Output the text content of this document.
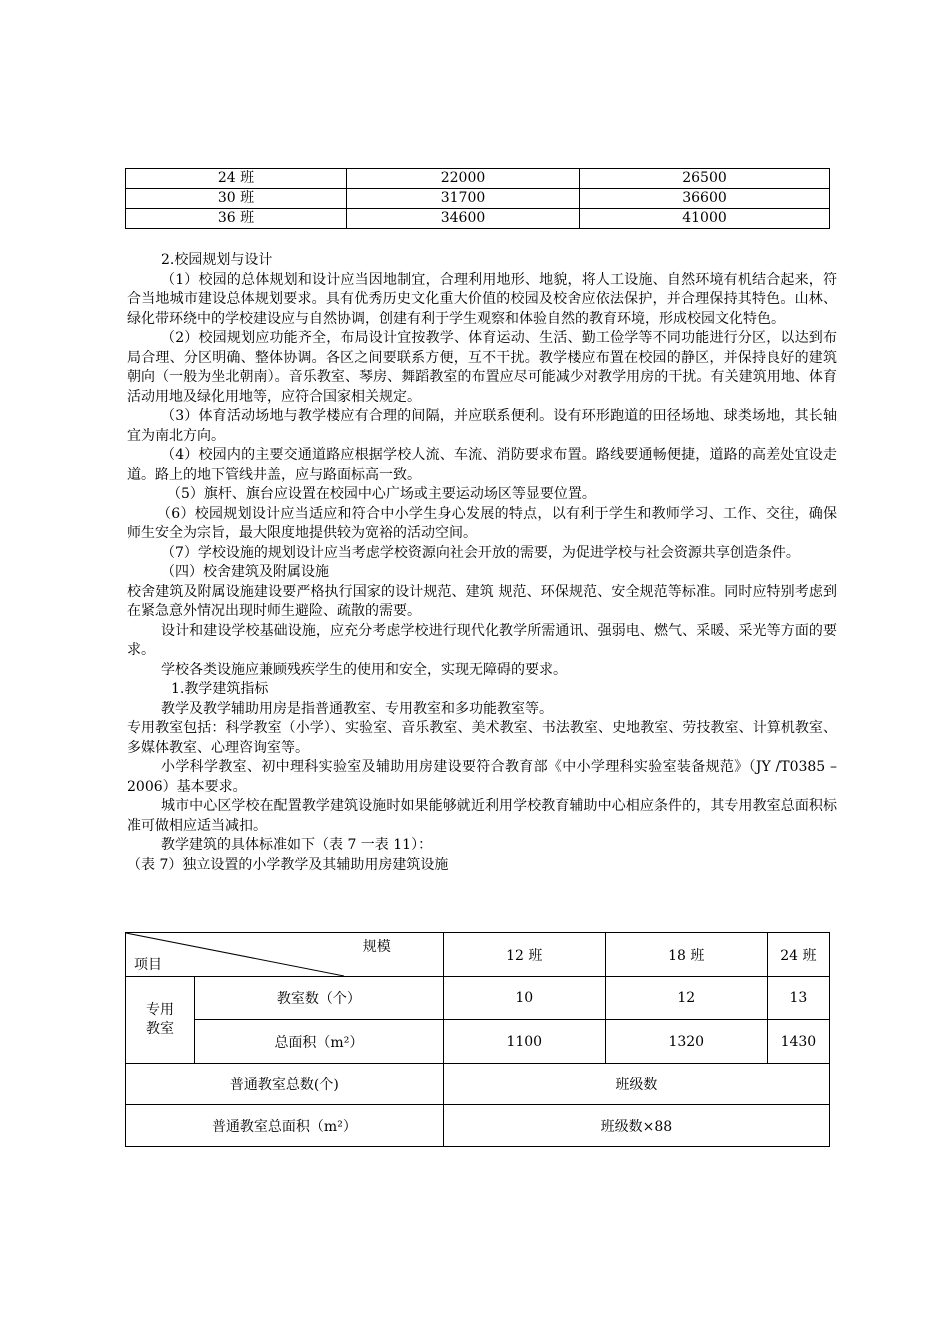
24 班	22000	26500
30 班	31700	36600
36 班	34600	41000

2.校园规划与设计

（1）校园的总体规划和设计应当因地制宜，合理利用地形、地貌，将人工设施、自然环境有机结合起来，符合当地城市建设总体规划要求。具有优秀历史文化重大价值的校园及校舍应依法保护，并合理保持其特色。山林、绿化带环绕中的学校建设应与自然协调，创建有利于学生观察和体验自然的教育环境，形成校园文化特色。

（2）校园规划应功能齐全，布局设计宜按教学、体育运动、生活、勤工俭学等不同功能进行分区，以达到布局合理、分区明确、整体协调。各区之间要联系方便，互不干扰。教学楼应布置在校园的静区，并保持良好的建筑朝向（一般为坐北朝南）。音乐教室、琴房、舞蹈教室的布置应尽可能减少对教学用房的干扰。有关建筑用地、体育活动用地及绿化用地等，应符合国家相关规定。

（3）体育活动场地与教学楼应有合理的间隔，并应联系便利。设有环形跑道的田径场地、球类场地，其长轴宜为南北方向。

（4）校园内的主要交通道路应根据学校人流、车流、消防要求布置。路线要通畅便捷，道路的高差处宜设走道。路上的地下管线井盖，应与路面标高一致。

（5）旗杆、旗台应设置在校园中心广场或主要运动场区等显要位置。

（6）校园规划设计应当适应和符合中小学生身心发展的特点，以有利于学生和教师学习、工作、交往，确保师生安全为宗旨，最大限度地提供较为宽裕的活动空间。

（7）学校设施的规划设计应当考虑学校资源向社会开放的需要，为促进学校与社会资源共享创造条件。

（四）校舍建筑及附属设施

校舍建筑及附属设施建设要严格执行国家的设计规范、建筑 规范、环保规范、安全规范等标准。同时应特别考虑到在紧急意外情况出现时师生避险、疏散的需要。

设计和建设学校基础设施，应充分考虑学校进行现代化教学所需通讯、强弱电、燃气、采暖、采光等方面的要求。

学校各类设施应兼顾残疾学生的使用和安全，实现无障碍的要求。

1.教学建筑指标

教学及教学辅助用房是指普通教室、专用教室和多功能教室等。

专用教室包括：科学教室（小学）、实验室、音乐教室、美术教室、书法教室、史地教室、劳技教室、计算机教室、多媒体教室、心理咨询室等。

小学科学教室、初中理科实验室及辅助用房建设要符合教育部《中小学理科实验室装备规范》（JY /T0385 – 2006）基本要求。

城市中心区学校在配置教学建筑设施时如果能够就近利用学校教育辅助中心相应条件的，其专用教室总面积标准可做相应适当减扣。

教学建筑的具体标准如下（表 7 一表 11）：

（表 7）独立设置的小学教学及其辅助用房建筑设施

规模
项目		12 班	18 班	24 班
专用
教室	教室数（个）	10	12	13
	总面积（m²）	1100	1320	1430
普通教室总数(个)		班级数		
普通教室总面积（m²）		班级数×88		
